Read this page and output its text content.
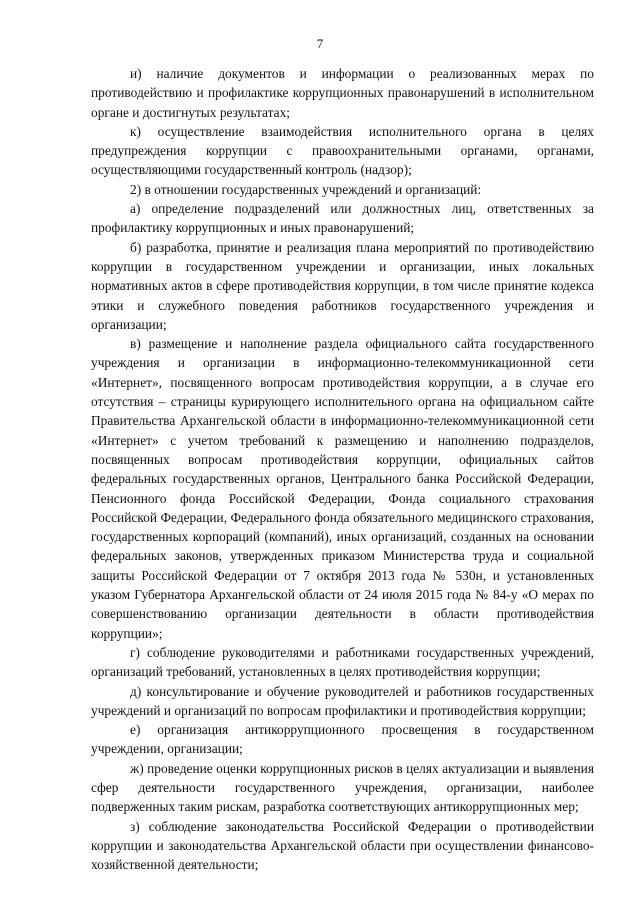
7

и) наличие документов и информации о реализованных мерах по противодействию и профилактике коррупционных правонарушений в исполнительном органе и достигнутых результатах;

к) осуществление взаимодействия исполнительного органа в целях предупреждения коррупции с правоохранительными органами, органами, осуществляющими государственный контроль (надзор);

2) в отношении государственных учреждений и организаций:

а) определение подразделений или должностных лиц, ответственных за профилактику коррупционных и иных правонарушений;

б) разработка, принятие и реализация плана мероприятий по противодействию коррупции в государственном учреждении и организации, иных локальных нормативных актов в сфере противодействия коррупции, в том числе принятие кодекса этики и служебного поведения работников государственного учреждения и организации;

в) размещение и наполнение раздела официального сайта государственного учреждения и организации в информационно-телекоммуникационной сети «Интернет», посвященного вопросам противодействия коррупции, а в случае его отсутствия – страницы курирующего исполнительного органа на официальном сайте Правительства Архангельской области в информационно-телекоммуникационной сети «Интернет» с учетом требований к размещению и наполнению подразделов, посвященных вопросам противодействия коррупции, официальных сайтов федеральных государственных органов, Центрального банка Российской Федерации, Пенсионного фонда Российской Федерации, Фонда социального страхования Российской Федерации, Федерального фонда обязательного медицинского страхования, государственных корпораций (компаний), иных организаций, созданных на основании федеральных законов, утвержденных приказом Министерства труда и социальной защиты Российской Федерации от 7 октября 2013 года № 530н, и установленных указом Губернатора Архангельской области от 24 июля 2015 года № 84-у «О мерах по совершенствованию организации деятельности в области противодействия коррупции»;

г) соблюдение руководителями и работниками государственных учреждений, организаций требований, установленных в целях противодействия коррупции;

д) консультирование и обучение руководителей и работников государственных учреждений и организаций по вопросам профилактики и противодействия коррупции;

е) организация антикоррупционного просвещения в государственном учреждении, организации;

ж) проведение оценки коррупционных рисков в целях актуализации и выявления сфер деятельности государственного учреждения, организации, наиболее подверженных таким рискам, разработка соответствующих антикоррупционных мер;

з) соблюдение законодательства Российской Федерации о противодействии коррупции и законодательства Архангельской области при осуществлении финансово-хозяйственной деятельности;
